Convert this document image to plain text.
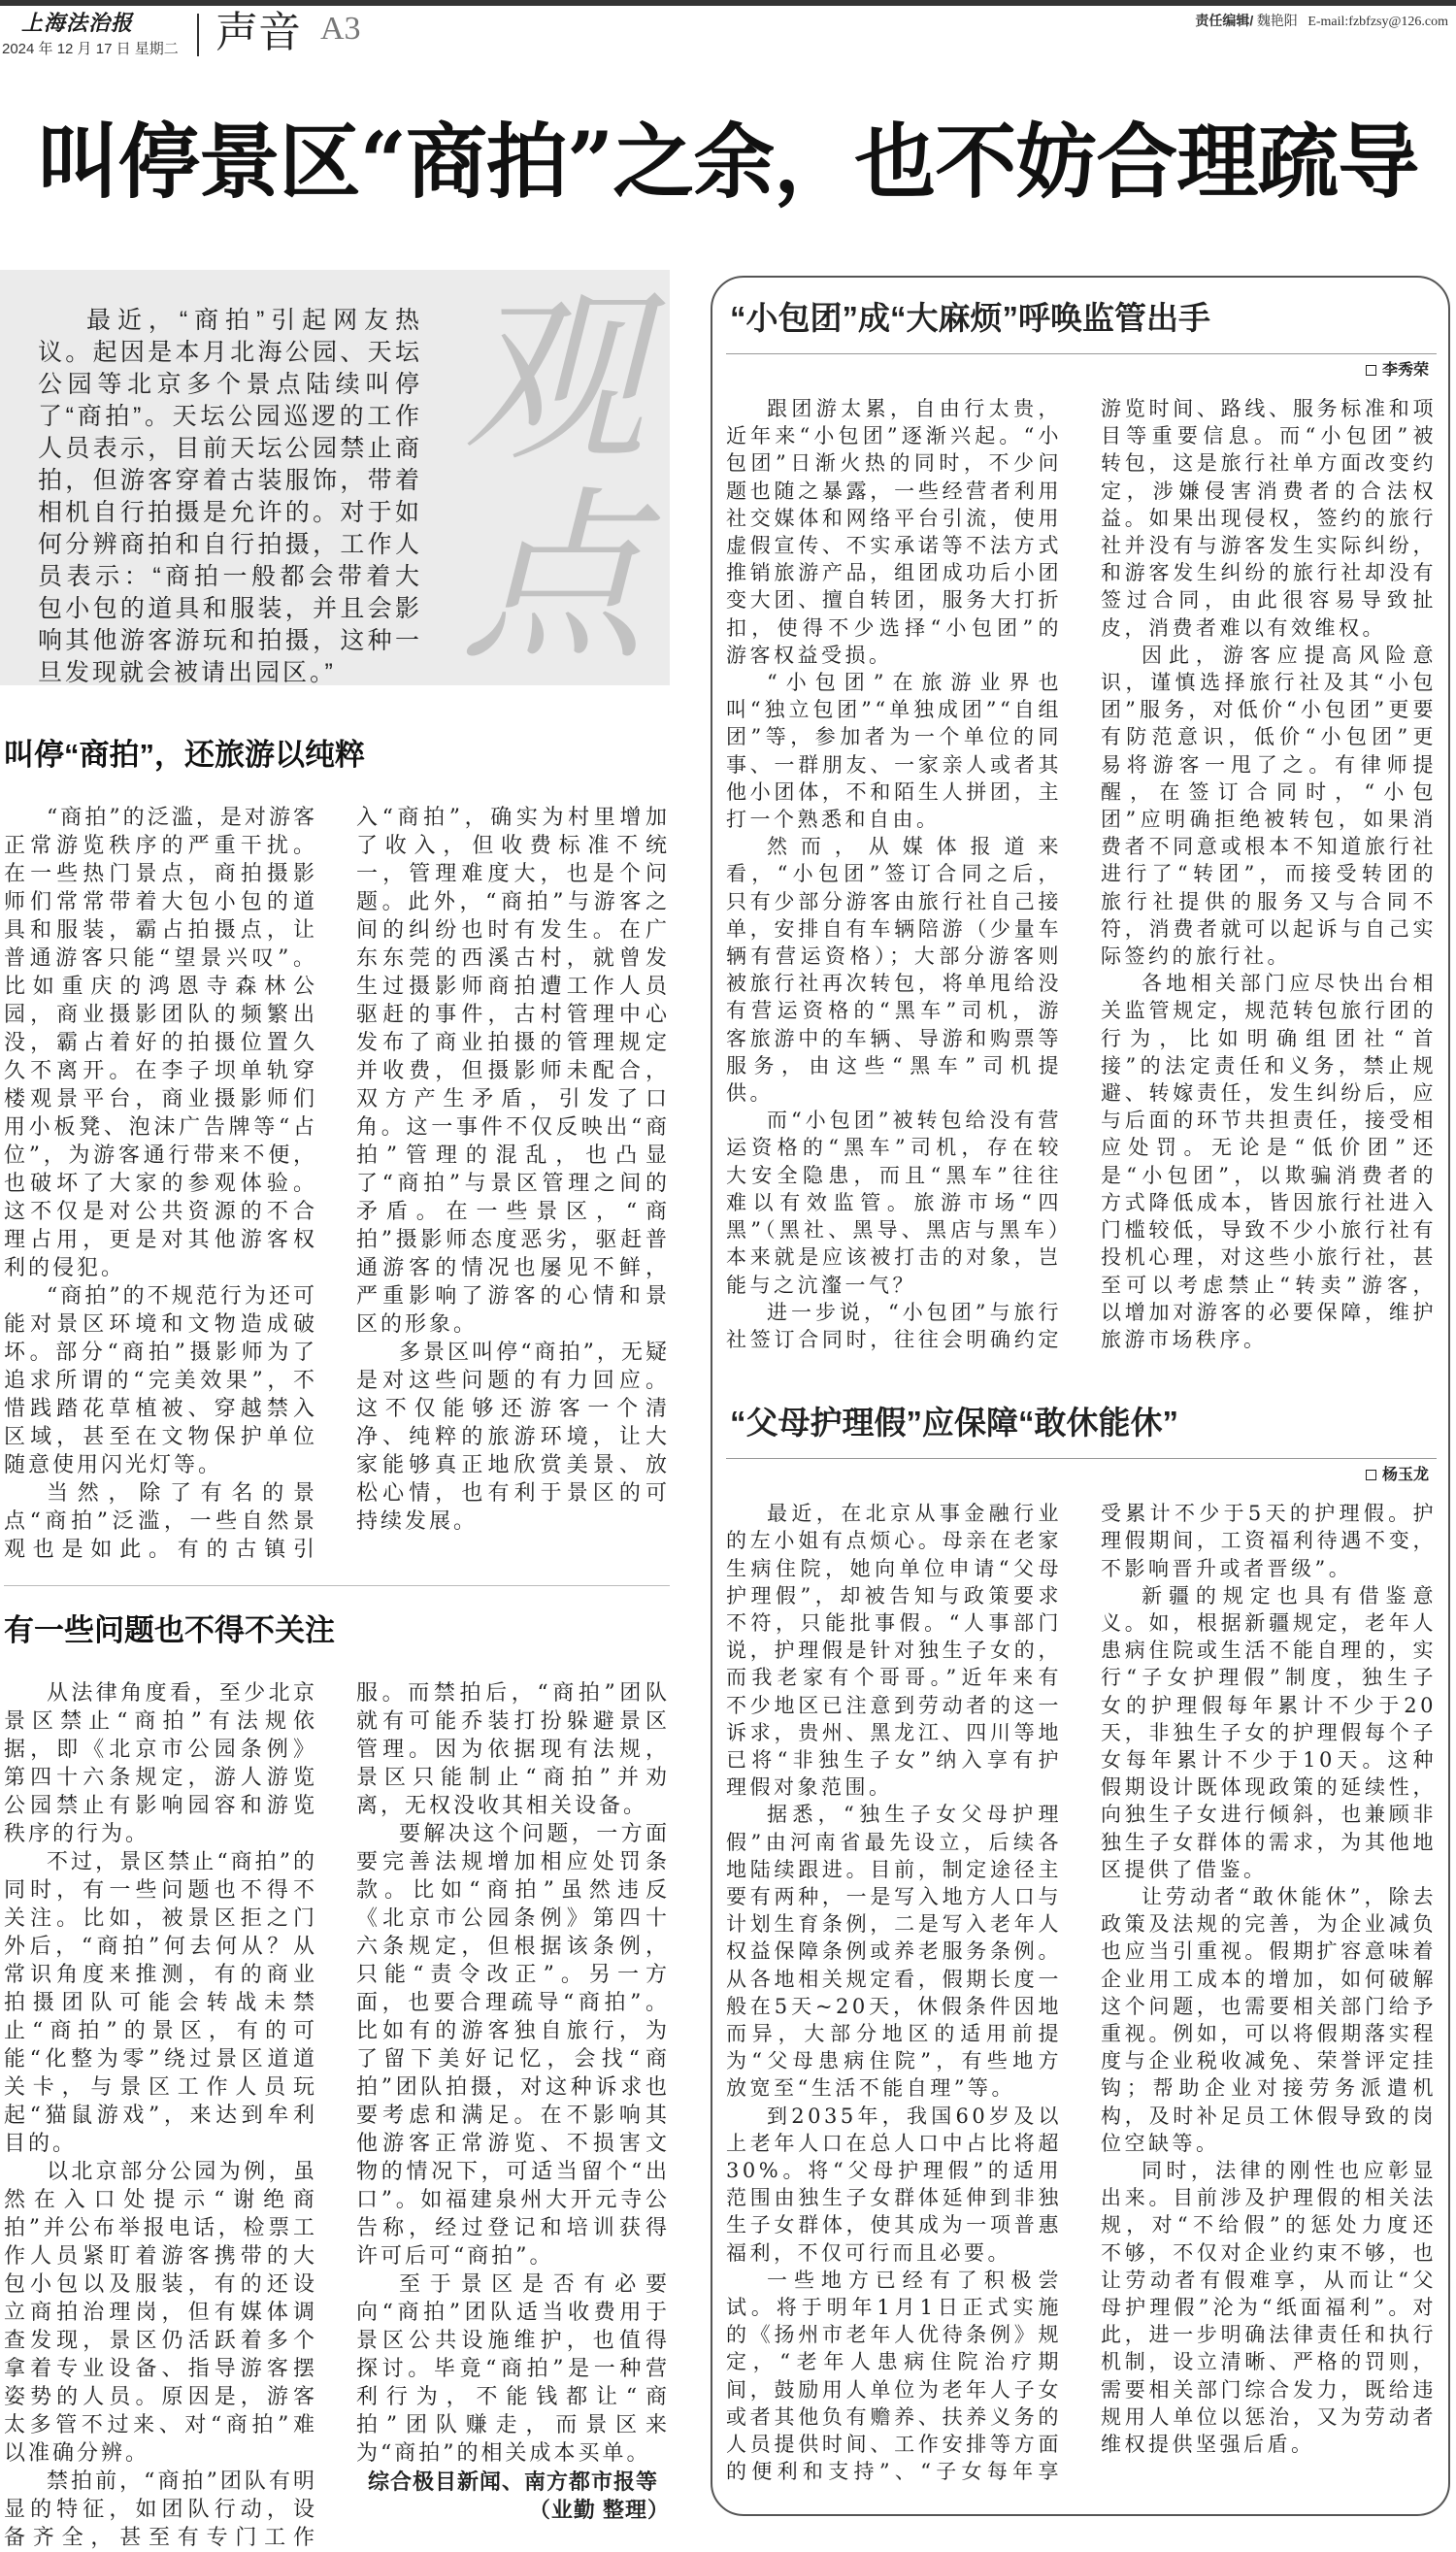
上海法治报
2024 年 12 月 17 日 星期二 声音 A3	责任编辑/ 魏艳阳 E-mail:fzbfzsy@126.com
叫停景区“商拍”之余，也不妨合理疏导
最近，“商拍”引起网友热议。起因是本月北海公园、天坛公园等北京多个景点陆续叫停了“商拍”。天坛公园巡逻的工作人员表示，目前天坛公园禁止商拍，但游客穿着古装服饰，带着相机自行拍摄是允许的。对于如何分辨商拍和自行拍摄，工作人员表示：“商拍一般都会带着大包小包的道具和服装，并且会影响其他游客游玩和拍摄，这种一旦发现就会被请出园区。”
观
点
叫停“商拍”，还旅游以纯粹

“商拍”的泛滥，是对游客正常游览秩序的严重干扰。在一些热门景点，商拍摄影师们常常带着大包小包的道具和服装，霸占拍摄点，让普通游客只能“望景兴叹”。比如重庆的鸿恩寺森林公园，商业摄影团队的频繁出没，霸占着好的拍摄位置久久不离开。在李子坝单轨穿楼观景平台，商业摄影师们用小板凳、泡沫广告牌等“占位”，为游客通行带来不便，也破坏了大家的参观体验。这不仅是对公共资源的不合理占用，更是对其他游客权利的侵犯。

“商拍”的不规范行为还可能对景区环境和文物造成破坏。部分“商拍”摄影师为了追求所谓的“完美效果”，不惜践踏花草植被、穿越禁入区域，甚至在文物保护单位随意使用闪光灯等。

当然，除了有名的景点“商拍”泛滥，一些自然景观也是如此。有的古镇引入“商拍”，确实为村里增加了收入，但收费标准不统一，管理难度大，也是个问题。此外，“商拍”与游客之间的纠纷也时有发生。在广东东莞的西溪古村，就曾发生过摄影师商拍遭工作人员驱赶的事件，古村管理中心发布了商业拍摄的管理规定并收费，但摄影师未配合，双方产生矛盾，引发了口角。这一事件不仅反映出“商拍”管理的混乱，也凸显了“商拍”与景区管理之间的矛盾。在一些景区，“商拍”摄影师态度恶劣，驱赶普通游客的情况也屡见不鲜，严重影响了游客的心情和景区的形象。

多景区叫停“商拍”，无疑是对这些问题的有力回应。这不仅能够还游客一个清净、纯粹的旅游环境，让大家能够真正地欣赏美景、放松心情，也有利于景区的可持续发展。

有一些问题也不得不关注

从法律角度看，至少北京景区禁止“商拍”有法规依据，即《北京市公园条例》第四十六条规定，游人游览公园禁止有影响园容和游览秩序的行为。

不过，景区禁止“商拍”的同时，有一些问题也不得不关注。比如，被景区拒之门外后，“商拍”何去何从？从常识角度来推测，有的商业拍摄团队可能会转战未禁止“商拍”的景区，有的可能“化整为零”绕过景区道道关卡，与景区工作人员玩起“猫鼠游戏”，来达到牟利目的。

以北京部分公园为例，虽然在入口处提示“谢绝商拍”并公布举报电话，检票工作人员紧盯着游客携带的大包小包以及服装，有的还设立商拍治理岗，但有媒体调查发现，景区仍活跃着多个拿着专业设备、指导游客摆姿势的人员。原因是，游客太多管不过来、对“商拍”难以准确分辨。

禁拍前，“商拍”团队有明显的特征，如团队行动，设备齐全，甚至有专门工作服。而禁拍后，“商拍”团队就有可能乔装打扮躲避景区管理。因为依据现有法规，景区只能制止“商拍”并劝离，无权没收其相关设备。

要解决这个问题，一方面要完善法规增加相应处罚条款。比如“商拍”虽然违反《北京市公园条例》第四十六条规定，但根据该条例，只能“责令改正”。另一方面，也要合理疏导“商拍”。比如有的游客独自旅行，为了留下美好记忆，会找“商拍”团队拍摄，对这种诉求也要考虑和满足。在不影响其他游客正常游览、不损害文物的情况下，可适当留个“出口”。如福建泉州大开元寺公告称，经过登记和培训获得许可后可“商拍”。

至于景区是否有必要向“商拍”团队适当收费用于景区公共设施维护，也值得探讨。毕竟“商拍”是一种营利行为，不能钱都让“商拍”团队赚走，而景区来为“商拍”的相关成本买单。

综合极目新闻、南方都市报等

（业勤 整理）

“小包团”成“大麻烦”呼唤监管出手
李秀荣

跟团游太累，自由行太贵，近年来“小包团”逐渐兴起。“小包团”日渐火热的同时，不少问题也随之暴露，一些经营者利用社交媒体和网络平台引流，使用虚假宣传、不实承诺等不法方式推销旅游产品，组团成功后小团变大团、擅自转团，服务大打折扣，使得不少选择“小包团”的游客权益受损。

“小包团”在旅游业界也叫“独立包团”“单独成团”“自组团”等，参加者为一个单位的同事、一群朋友、一家亲人或者其他小团体，不和陌生人拼团，主打一个熟悉和自由。

然而，从媒体报道来看，“小包团”签订合同之后，只有少部分游客由旅行社自己接单，安排自有车辆陪游（少量车辆有营运资格）；大部分游客则被旅行社再次转包，将单甩给没有营运资格的“黑车”司机，游客旅游中的车辆、导游和购票等服务，由这些“黑车”司机提供。

而“小包团”被转包给没有营运资格的“黑车”司机，存在较大安全隐患，而且“黑车”往往难以有效监管。旅游市场“四黑”（黑社、黑导、黑店与黑车）本来就是应该被打击的对象，岂能与之沆瀣一气？

进一步说，“小包团”与旅行社签订合同时，往往会明确约定游览时间、路线、服务标准和项目等重要信息。而“小包团”被转包，这是旅行社单方面改变约定，涉嫌侵害消费者的合法权益。如果出现侵权，签约的旅行社并没有与游客发生实际纠纷，和游客发生纠纷的旅行社却没有签过合同，由此很容易导致扯皮，消费者难以有效维权。

因此，游客应提高风险意识，谨慎选择旅行社及其“小包团”服务，对低价“小包团”更要有防范意识，低价“小包团”更易将游客一甩了之。有律师提醒，在签订合同时，“小包团”应明确拒绝被转包，如果消费者不同意或根本不知道旅行社进行了“转团”，而接受转团的旅行社提供的服务又与合同不符，消费者就可以起诉与自己实际签约的旅行社。

各地相关部门应尽快出台相关监管规定，规范转包旅行团的行为，比如明确组团社“首接”的法定责任和义务，禁止规避、转嫁责任，发生纠纷后，应与后面的环节共担责任，接受相应处罚。无论是“低价团”还是“小包团”，以欺骗消费者的方式降低成本，皆因旅行社进入门槛较低，导致不少小旅行社有投机心理，对这些小旅行社，甚至可以考虑禁止“转卖”游客，以增加对游客的必要保障，维护旅游市场秩序。

“父母护理假”应保障“敢休能休”
杨玉龙

最近，在北京从事金融行业的左小姐有点烦心。母亲在老家生病住院，她向单位申请“父母护理假”，却被告知与政策要求不符，只能批事假。“人事部门说，护理假是针对独生子女的，而我老家有个哥哥。”近年来有不少地区已注意到劳动者的这一诉求，贵州、黑龙江、四川等地已将“非独生子女”纳入享有护理假对象范围。

据悉，“独生子女父母护理假”由河南省最先设立，后续各地陆续跟进。目前，制定途径主要有两种，一是写入地方人口与计划生育条例，二是写入老年人权益保障条例或养老服务条例。从各地相关规定看，假期长度一般在5天~20天，休假条件因地而异，大部分地区的适用前提为“父母患病住院”，有些地方放宽至“生活不能自理”等。

到2035年，我国60岁及以上老年人口在总人口中占比将超30%。将“父母护理假”的适用范围由独生子女群体延伸到非独生子女群体，使其成为一项普惠福利，不仅可行而且必要。

一些地方已经有了积极尝试。将于明年1月1日正式实施的《扬州市老年人优待条例》规定，“老年人患病住院治疗期间，鼓励用人单位为老年人子女或者其他负有赡养、扶养义务的人员提供时间、工作安排等方面的便利和支持”、“子女每年享受累计不少于5天的护理假。护理假期间，工资福利待遇不变，不影响晋升或者晋级”。

新疆的规定也具有借鉴意义。如，根据新疆规定，老年人患病住院或生活不能自理的，实行“子女护理假”制度，独生子女的护理假每年累计不少于20天，非独生子女的护理假每个子女每年累计不少于10天。这种假期设计既体现政策的延续性，向独生子女进行倾斜，也兼顾非独生子女群体的需求，为其他地区提供了借鉴。

让劳动者“敢休能休”，除去政策及法规的完善，为企业减负也应当引重视。假期扩容意味着企业用工成本的增加，如何破解这个问题，也需要相关部门给予重视。例如，可以将假期落实程度与企业税收减免、荣誉评定挂钩；帮助企业对接劳务派遣机构，及时补足员工休假导致的岗位空缺等。

同时，法律的刚性也应彰显出来。目前涉及护理假的相关法规，对“不给假”的惩处力度还不够，不仅对企业约束不够，也让劳动者有假难享，从而让“父母护理假”沦为“纸面福利”。对此，进一步明确法律责任和执行机制，设立清晰、严格的罚则，需要相关部门综合发力，既给违规用人单位以惩治，又为劳动者维权提供坚强后盾。
